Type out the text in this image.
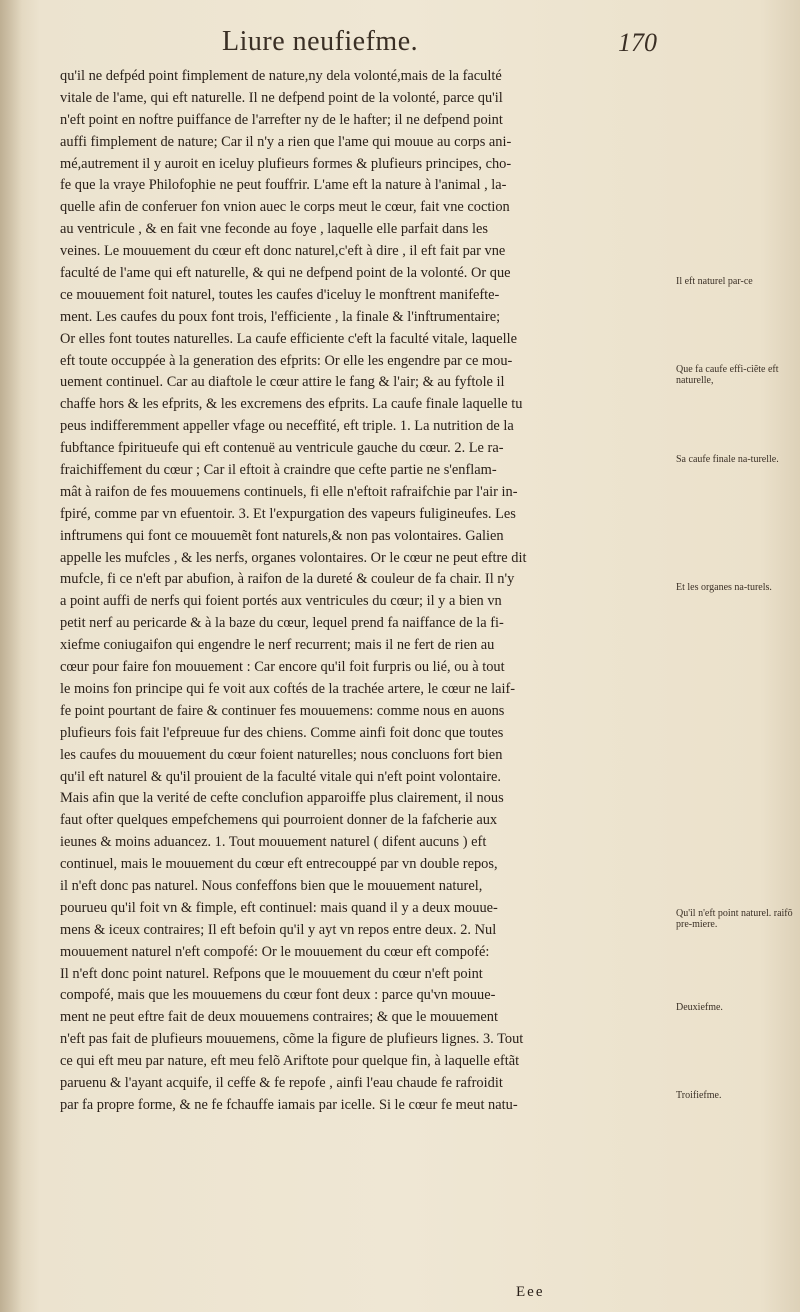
Liure neufiefme.	170
qu'il ne defpéd point fimplement de nature,ny dela volonté,mais de la faculté
vitale de l'ame, qui eft naturelle. Il ne defpend point de la volonté, parce qu'il
n'eft point en noftre puiffance de l'arrefter ny de le hafter; il ne defpend point
auffi fimplement de nature; Car il n'y a rien que l'ame qui mouue au corps ani-
mé,autrement il y auroit en iceluy plufieurs formes & plufieurs principes, cho-
fe que la vraye Philofophie ne peut fouffrir. L'ame eft la nature à l'animal , la-
quelle afin de conferuer fon vnion auec le corps meut le cœur, fait vne coction
au ventricule , & en fait vne feconde au foye , laquelle elle parfait dans les
veines. Le mouuement du cœur eft donc naturel,c'eft à dire , il eft fait par vne
faculté de l'ame qui eft naturelle, & qui ne defpend point de la volonté. Or que
ce mouuement foit naturel, toutes les caufes d'iceluy le monftrent manifefte-
ment. Les caufes du poux font trois, l'efficiente , la finale & l'inftrumentaire;
Or elles font toutes naturelles. La caufe efficiente c'eft la faculté vitale, laquelle
eft toute occuppée à la generation des efprits: Or elle les engendre par ce mou-
uement continuel. Car au diaftole le cœur attire le fang & l'air; & au fyftole il
chaffe hors & les efprits, & les excremens des efprits. La caufe finale laquelle tu
peus indifferemment appeller vfage ou neceffité, eft triple. 1. La nutrition de la
fubftance fpiritueufe qui eft contenuë au ventricule gauche du cœur. 2. Le ra-
fraichiffement du cœur ; Car il eftoit à craindre que cefte partie ne s'enflam-
mât à raifon de fes mouuemens continuels, fi elle n'eftoit rafraifchie par l'air in-
fpiré, comme par vn efuentoir. 3. Et l'expurgation des vapeurs fuligineufes. Les
inftrumens qui font ce mouuemẽt font naturels,& non pas volontaires. Galien
appelle les mufcles , & les nerfs, organes volontaires. Or le cœur ne peut eftre dit
mufcle, fi ce n'eft par abufion, à raifon de la dureté & couleur de fa chair. Il n'y
a point auffi de nerfs qui foient portés aux ventricules du cœur; il y a bien vn
petit nerf au pericarde & à la baze du cœur, lequel prend fa naiffance de la fi-
xiefme coniugaifon qui engendre le nerf recurrent; mais il ne fert de rien au
cœur pour faire fon mouuement : Car encore qu'il foit furpris ou lié, ou à tout
le moins fon principe qui fe voit aux coftés de la trachée artere, le cœur ne laif-
fe point pourtant de faire & continuer fes mouuemens: comme nous en auons
plufieurs fois fait l'efpreuue fur des chiens. Comme ainfi foit donc que toutes
les caufes du mouuement du cœur foient naturelles; nous concluons fort bien
qu'il eft naturel & qu'il prouient de la faculté vitale qui n'eft point volontaire.
Mais afin que la verité de cefte conclufion apparoiffe plus clairement, il nous
faut ofter quelques empefchemens qui pourroient donner de la fafcherie aux
ieunes & moins aduancez. 1. Tout mouuement naturel ( difent aucuns ) eft
continuel, mais le mouuement du cœur eft entrecouppé par vn double repos,
il n'eft donc pas naturel. Nous confeffons bien que le mouuement naturel,
pourueu qu'il foit vn & fimple, eft continuel: mais quand il y a deux mouue-
mens & iceux contraires; Il eft befoin qu'il y ayt vn repos entre deux. 2. Nul
mouuement naturel n'eft compofé: Or le mouuement du cœur eft compofé:
Il n'eft donc point naturel. Refpons que le mouuement du cœur n'eft point
compofé, mais que les mouuemens du cœur font deux : parce qu'vn mouue-
ment ne peut eftre fait de deux mouuemens contraires; & que le mouuement
n'eft pas fait de plufieurs mouuemens, cõme la figure de plufieurs lignes. 3. Tout
ce qui eft meu par nature, eft meu felõ Ariftote pour quelque fin, à laquelle eftãt
paruenu & l'ayant acquife, il ceffe & fe repofe , ainfi l'eau chaude fe rafroidit
par fa propre forme, & ne fe fchauffe iamais par icelle. Si le cœur fe meut natu-
Il eft naturel par-ce
Que fa caufe effi-ciẽte eft naturelle,
Sa caufe finale na-turelle.
Et les organes na-turels.
Qu'il n'eft point naturel. raifõ pre-miere.
Deuxiefme.
Troifiefme.
Eee
